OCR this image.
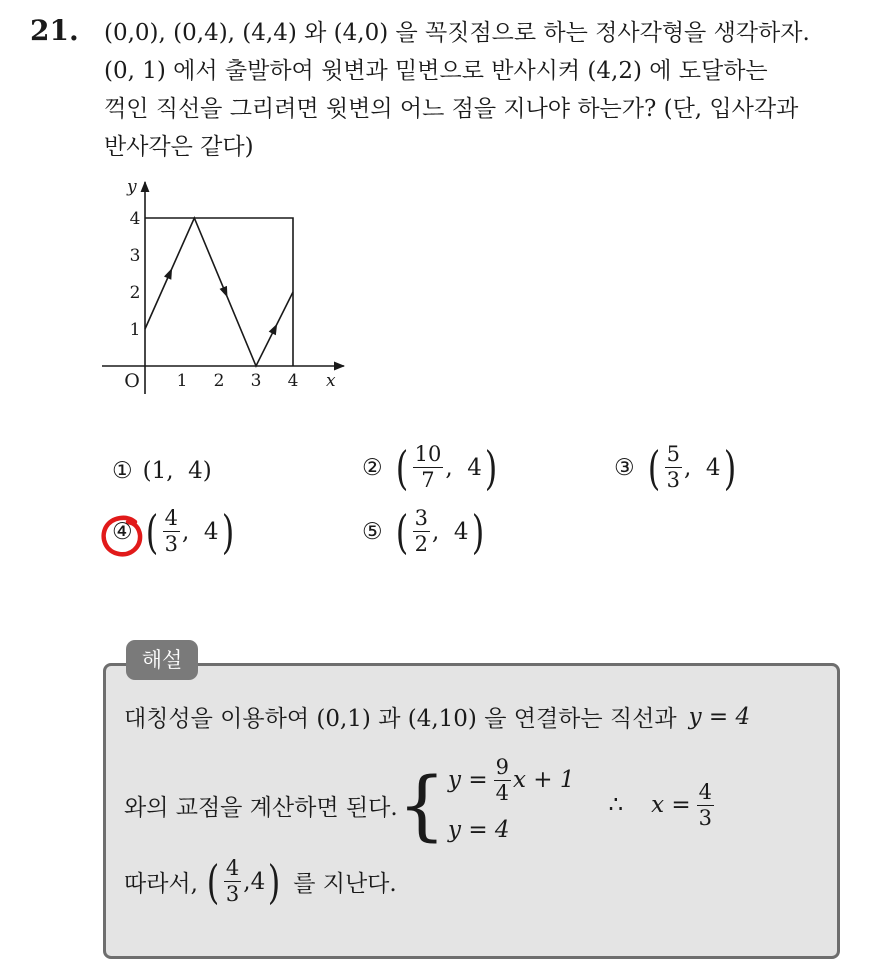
21. (0,0), (0,4), (4,4) 와 (4,0) 을 꼭짓점으로 하는 정사각형을 생각하자.
(0, 1) 에서 출발하여 윗변과 밑변으로 반사시켜 (4,2) 에 도달하는
꺽인 직선을 그리려면 윗변의 어느 점을 지나야 하는가? (단, 입사각과
반사각은 같다)
1 2 3 4
1
2
3
4
O	x
y
① (1,  4)	② ( $\frac{10}{7}$ ,  4 )	③ ( $\frac{5}{3}$ ,  4 )
④ ( $\frac{4}{3}$ ,  4 )	⑤ ( $\frac{3}{2}$ ,  4 )
해설
대칭성을 이용하여 (0,1) 과 (4,10) 을 연결하는 직선과 y = 4
와의 교점을 계산하면 된다. { $y = \frac{9}{4}$ x + 1
y = 4
∴ $x = \frac{4}{3}$
따라서, ( $\frac{4}{3} ,4$ ) 를 지난다.
